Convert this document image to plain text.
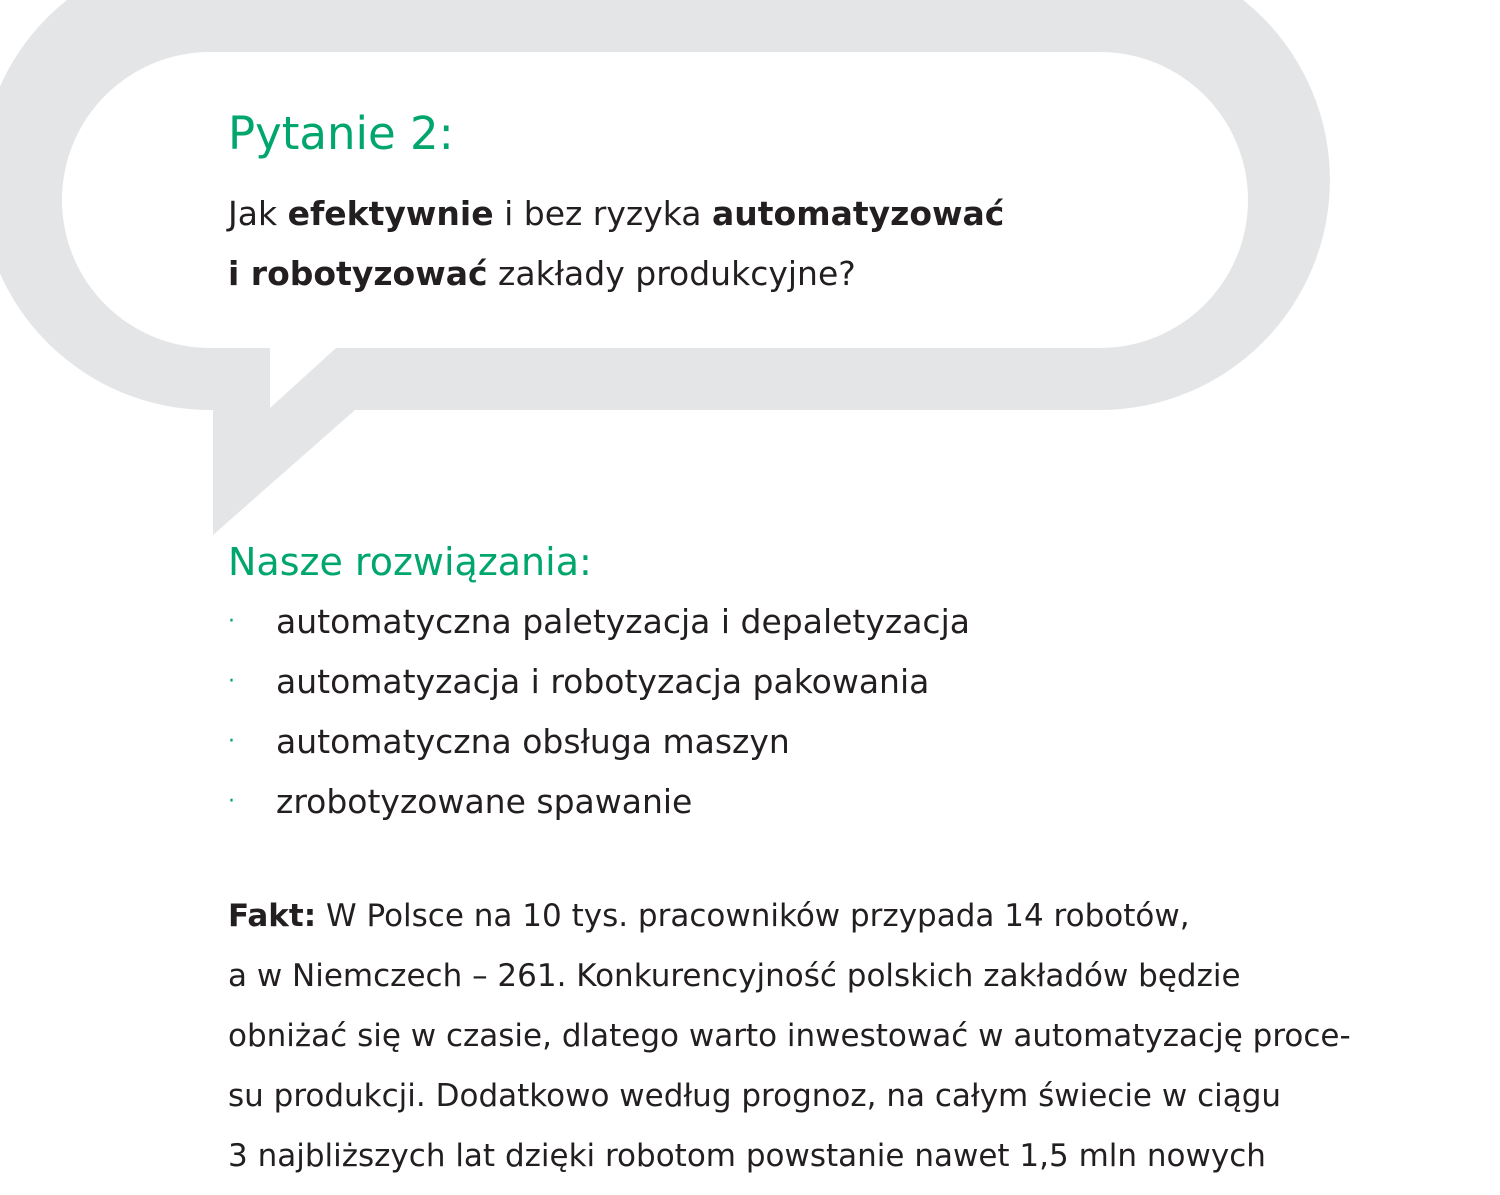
Pytanie 2:

Jak efektywnie i bez ryzyka automatyzować
i robotyzować zakłady produkcyjne?

Nasze rozwiązania:
· automatyczna paletyzacja i depaletyzacja
· automatyzacja i robotyzacja pakowania
· automatyczna obsługa maszyn
· zrobotyzowane spawanie

Fakt: W Polsce na 10 tys. pracowników przypada 14 robotów,
a w Niemczech – 261. Konkurencyjność polskich zakładów będzie
obniżać się w czasie, dlatego warto inwestować w automatyzację proce-
su produkcji. Dodatkowo według prognoz, na całym świecie w ciągu
3 najbliższych lat dzięki robotom powstanie nawet 1,5 mln nowych
